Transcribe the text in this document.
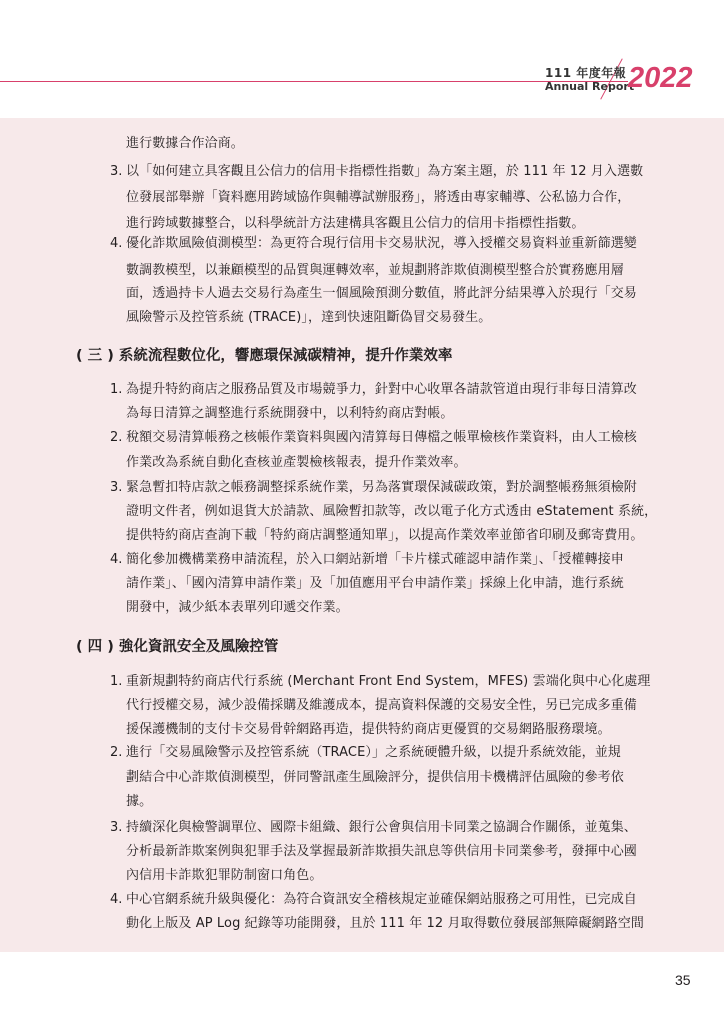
111 年度年報
Annual Report
2022
進行數據合作洽商。
3. 以「如何建立具客觀且公信力的信用卡指標性指數」為方案主題，於 111 年 12 月入選數
位發展部舉辦「資料應用跨域協作與輔導試辦服務」，將透由專家輔導、公私協力合作，
進行跨域數據整合，以科學統計方法建構具客觀且公信力的信用卡指標性指數。
4. 優化詐欺風險偵測模型：為更符合現行信用卡交易狀況，導入授權交易資料並重新篩選變
數調教模型，以兼顧模型的品質與運轉效率，並規劃將詐欺偵測模型整合於實務應用層
面，透過持卡人過去交易行為產生一個風險預測分數值，將此評分結果導入於現行「交易
風險警示及控管系統 (TRACE)」，達到快速阻斷偽冒交易發生。
( 三 ) 系統流程數位化，響應環保減碳精神，提升作業效率
1. 為提升特約商店之服務品質及市場競爭力，針對中心收單各請款管道由現行非每日清算改
為每日清算之調整進行系統開發中，以利特約商店對帳。
2. 稅額交易清算帳務之核帳作業資料與國內清算每日傳檔之帳單檢核作業資料，由人工檢核
作業改為系統自動化查核並產製檢核報表，提升作業效率。
3. 緊急暫扣特店款之帳務調整採系統作業，另為落實環保減碳政策，對於調整帳務無須檢附
證明文件者，例如退貨大於請款、風險暫扣款等，改以電子化方式透由 eStatement 系統，
提供特約商店查詢下載「特約商店調整通知單」，以提高作業效率並節省印刷及郵寄費用。
4. 簡化參加機構業務申請流程，於入口網站新增「卡片樣式確認申請作業」、「授權轉接申
請作業」、「國內清算申請作業」及「加值應用平台申請作業」採線上化申請，進行系統
開發中，減少紙本表單列印遞交作業。
( 四 ) 強化資訊安全及風險控管
1. 重新規劃特約商店代行系統 (Merchant Front End System，MFES) 雲端化與中心化處理
代行授權交易，減少設備採購及維護成本，提高資料保護的交易安全性，另已完成多重備
援保護機制的支付卡交易骨幹網路再造，提供特約商店更優質的交易網路服務環境。
2. 進行「交易風險警示及控管系統（TRACE）」之系統硬體升級，以提升系統效能，並規
劃結合中心詐欺偵測模型，併同警訊產生風險評分，提供信用卡機構評估風險的參考依
據。
3. 持續深化與檢警調單位、國際卡組織、銀行公會與信用卡同業之協調合作關係，並蒐集、
分析最新詐欺案例與犯罪手法及掌握最新詐欺損失訊息等供信用卡同業參考，發揮中心國
內信用卡詐欺犯罪防制窗口角色。
4. 中心官網系統升級與優化：為符合資訊安全稽核規定並確保網站服務之可用性，已完成自
動化上版及 AP Log 紀錄等功能開發，且於 111 年 12 月取得數位發展部無障礙網路空間
35
